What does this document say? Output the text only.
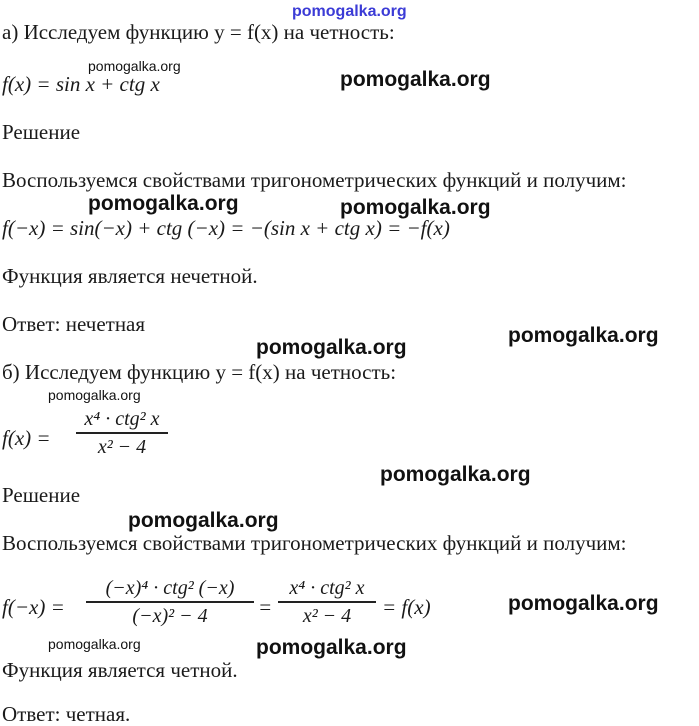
pomogalka.org
а) Исследуем функцию y = f(x) на четность:
pomogalka.org
f(x) = sin x + ctg x	pomogalka.org
Решение
Воспользуемся свойствами тригонометрических функций и получим:
pomogalka.org	pomogalka.org
f(−x) = sin(−x) + ctg (−x) = −(sin x + ctg x) = −f(x)
Функция является нечетной.
Ответ: нечетная	pomogalka.org
pomogalka.org
б) Исследуем функцию y = f(x) на четность:
pomogalka.org
f(x) =
x⁴ · ctg² x
x² − 4
pomogalka.org
Решение
pomogalka.org
Воспользуемся свойствами тригонометрических функций и получим:
f(−x) =
(−x)⁴ · ctg² (−x)
(−x)² − 4	=
x⁴ · ctg² x
x² − 4	= f(x)	pomogalka.org
pomogalka.org	pomogalka.org
Функция является четной.
Ответ: четная.
